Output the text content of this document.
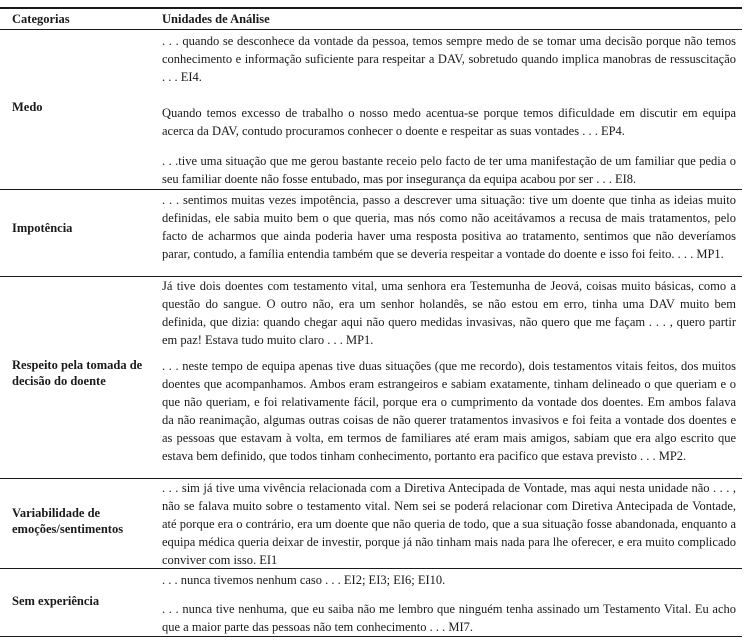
Categorias	Unidades de Análise
Medo
. . . quando se desconhece da vontade da pessoa, temos sempre medo de se tomar uma decisão porque não temos conhecimento e informação suficiente para respeitar a DAV, sobretudo quando implica manobras de ressuscitação . . . EI4.
Quando temos excesso de trabalho o nosso medo acentua-se porque temos dificuldade em discutir em equipa acerca da DAV, contudo procuramos conhecer o doente e respeitar as suas vontades . . . EP4.
. . .tive uma situação que me gerou bastante receio pelo facto de ter uma manifestação de um familiar que pedia o seu familiar doente não fosse entubado, mas por insegurança da equipa acabou por ser . . . EI8.
Impotência
. . . sentimos muitas vezes impotência, passo a descrever uma situação: tive um doente que tinha as ideias muito definidas, ele sabia muito bem o que queria, mas nós como não aceitávamos a recusa de mais tratamentos, pelo facto de acharmos que ainda poderia haver uma resposta positiva ao tratamento, sentimos que não deveríamos parar, contudo, a família entendia também que se deveria respeitar a vontade do doente e isso foi feito. . . . MP1.
Respeito pela tomada de decisão do doente
Já tive dois doentes com testamento vital, uma senhora era Testemunha de Jeová, coisas muito básicas, como a questão do sangue. O outro não, era um senhor holandês, se não estou em erro, tinha uma DAV muito bem definida, que dizia: quando chegar aqui não quero medidas invasivas, não quero que me façam . . . , quero partir em paz! Estava tudo muito claro . . . MP1.
. . . neste tempo de equipa apenas tive duas situações (que me recordo), dois testamentos vitais feitos, dos muitos doentes que acompanhamos. Ambos eram estrangeiros e sabiam exatamente, tinham delineado o que queriam e o que não queriam, e foi relativamente fácil, porque era o cumprimento da vontade dos doentes. Em ambos falava da não reanimação, algumas outras coisas de não querer tratamentos invasivos e foi feita a vontade dos doentes e as pessoas que estavam à volta, em termos de familiares até eram mais amigos, sabiam que era algo escrito que estava bem definido, que todos tinham conhecimento, portanto era pacifico que estava previsto . . . MP2.
Variabilidade de emoções/sentimentos
. . . sim já tive uma vivência relacionada com a Diretiva Antecipada de Vontade, mas aqui nesta unidade não . . . , não se falava muito sobre o testamento vital. Nem sei se poderá relacionar com Diretiva Antecipada de Vontade, até porque era o contrário, era um doente que não queria de todo, que a sua situação fosse abandonada, enquanto a equipa médica queria deixar de investir, porque já não tinham mais nada para lhe oferecer, e era muito complicado conviver com isso. EI1
Sem experiência
. . . nunca tivemos nenhum caso . . . EI2; EI3; EI6; EI10.
. . . nunca tive nenhuma, que eu saiba não me lembro que ninguém tenha assinado um Testamento Vital. Eu acho que a maior parte das pessoas não tem conhecimento . . . MI7.
